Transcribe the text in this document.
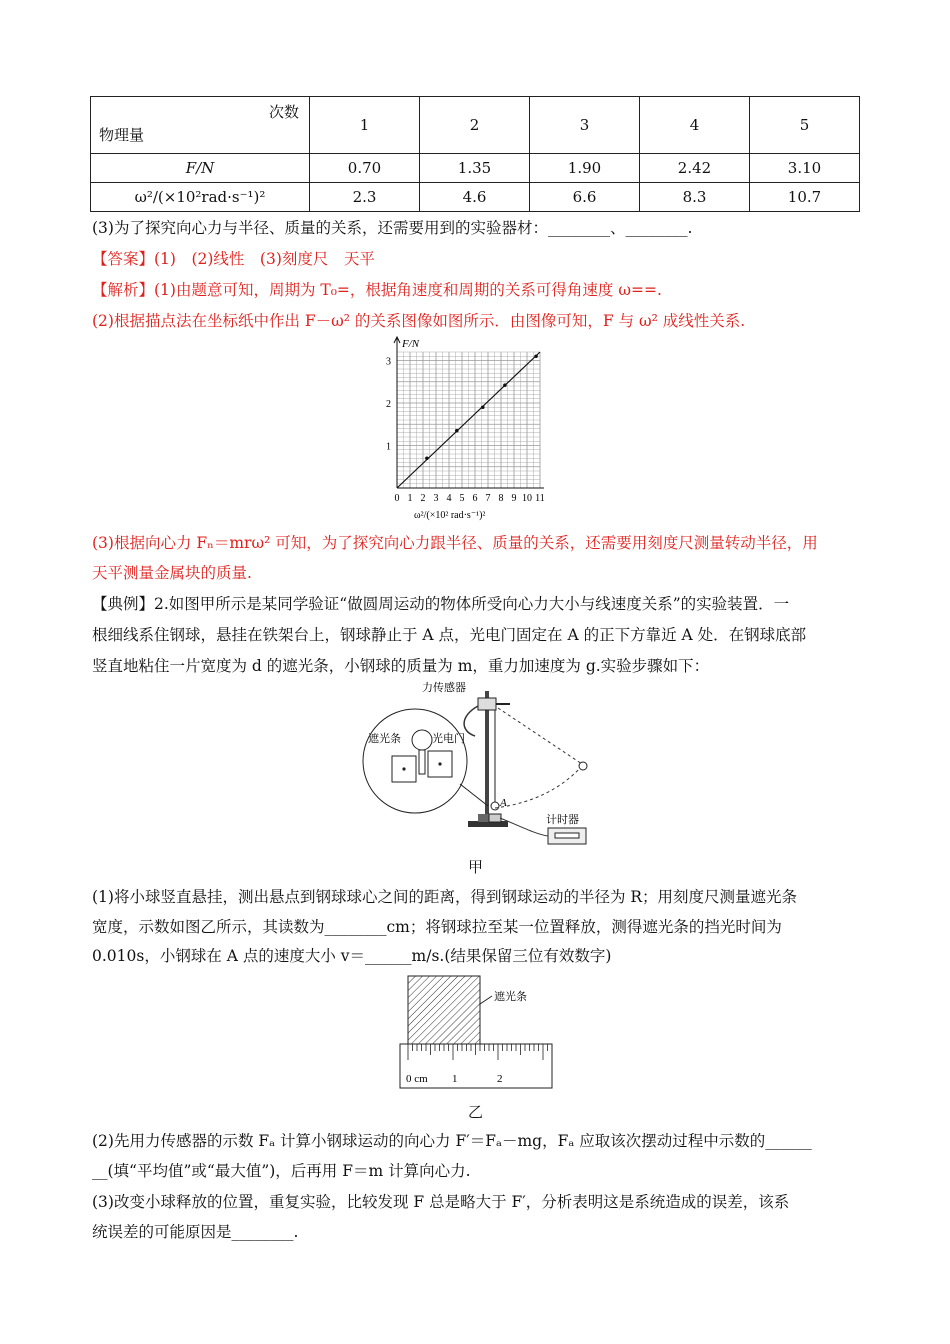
次数
物理量	1	2	3	4	5
F/N	0.70	1.35	1.90	2.42	3.10
ω²/(×10²rad·s⁻¹)²	2.3	4.6	6.6	8.3	10.7
(3)为了探究向心力与半径、质量的关系，还需要用到的实验器材：________、________.
【答案】(1)　(2)线性　(3)刻度尺　天平
【解析】(1)由题意可知，周期为 T₀=，根据角速度和周期的关系可得角速度 ω==.
(2)根据描点法在坐标纸中作出 F－ω² 的关系图像如图所示．由图像可知，F 与 ω² 成线性关系.
0 1 2 3 4 5 6 7 8 9 10 11
1
2
3
F/N
ω²/(×10² rad·s⁻¹)²
(3)根据向心力 Fₙ＝mrω² 可知，为了探究向心力跟半径、质量的关系，还需要用刻度尺测量转动半径，用
天平测量金属块的质量.
【典例】2.如图甲所示是某同学验证“做圆周运动的物体所受向心力大小与线速度关系”的实验装置．一
根细线系住钢球，悬挂在铁架台上，钢球静止于 A 点，光电门固定在 A 的正下方靠近 A 处．在钢球底部
竖直地粘住一片宽度为 d 的遮光条，小钢球的质量为 m，重力加速度为 g.实验步骤如下：
力传感器
遮光条	光电门
A
计时器
甲
(1)将小球竖直悬挂，测出悬点到钢球球心之间的距离，得到钢球运动的半径为 R；用刻度尺测量遮光条
宽度，示数如图乙所示，其读数为________cm；将钢球拉至某一位置释放，测得遮光条的挡光时间为
0.010s，小钢球在 A 点的速度大小 v＝______m/s.(结果保留三位有效数字)
遮光条
0 cm 1	2
乙
(2)先用力传感器的示数 Fₐ 计算小钢球运动的向心力 F′＝Fₐ－mg，Fₐ 应取该次摆动过程中示数的______
__(填“平均值”或“最大值”)，后再用 F＝m 计算向心力.
(3)改变小球释放的位置，重复实验，比较发现 F 总是略大于 F′，分析表明这是系统造成的误差，该系
统误差的可能原因是________.
